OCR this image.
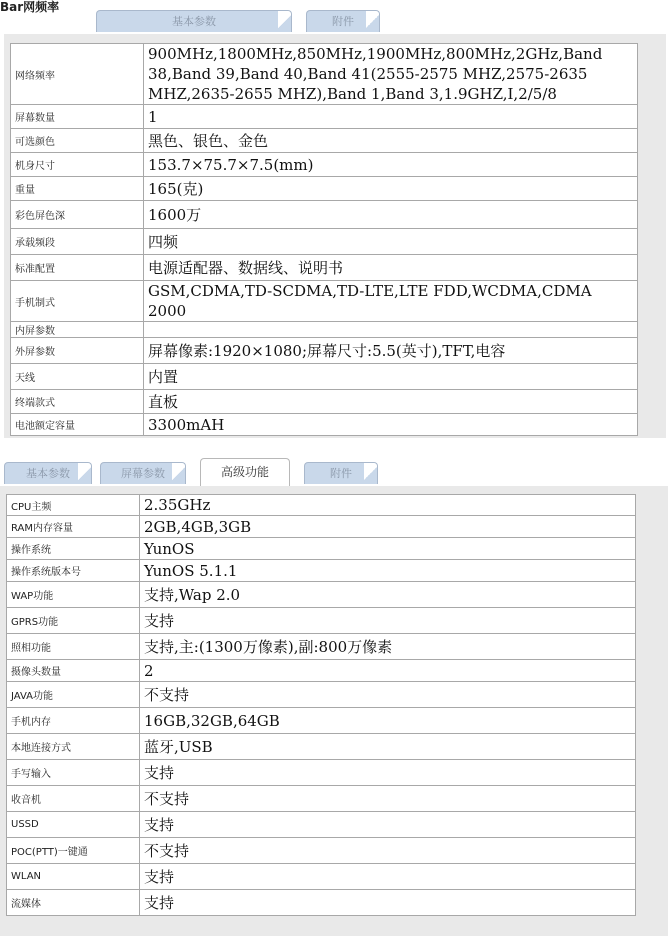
Bar网频率
基本参数	附件
网络频率	900MHz,1800MHz,850MHz,1900MHz,800MHz,2GHz,Band 38,Band 39,Band 40,Band 41(2555-2575 MHZ,2575-2635 MHZ,2635-2655 MHZ),Band 1,Band 3,1.9GHZ,I,2/5/8
屏幕数量	1
可选颜色	黑色、银色、金色
机身尺寸	153.7×75.7×7.5(mm)
重量	165(克)
彩色屏色深	1600万
承载频段	四频
标准配置	电源适配器、数据线、说明书
手机制式	GSM,CDMA,TD-SCDMA,TD-LTE,LTE FDD,WCDMA,CDMA 2000
内屏参数	
外屏参数	屏幕像素:1920×1080;屏幕尺寸:5.5(英寸),TFT,电容
天线	内置
终端款式	直板
电池额定容量	3300mAH
基本参数	屏幕参数	高级功能	附件
CPU主频	2.35GHz
RAM内存容量	2GB,4GB,3GB
操作系统	YunOS
操作系统版本号	YunOS 5.1.1
WAP功能	支持,Wap 2.0
GPRS功能	支持
照相功能	支持,主:(1300万像素),副:800万像素
摄像头数量	2
JAVA功能	不支持
手机内存	16GB,32GB,64GB
本地连接方式	蓝牙,USB
手写输入	支持
收音机	不支持
USSD	支持
POC(PTT)一键通	不支持
WLAN	支持
流媒体	支持
